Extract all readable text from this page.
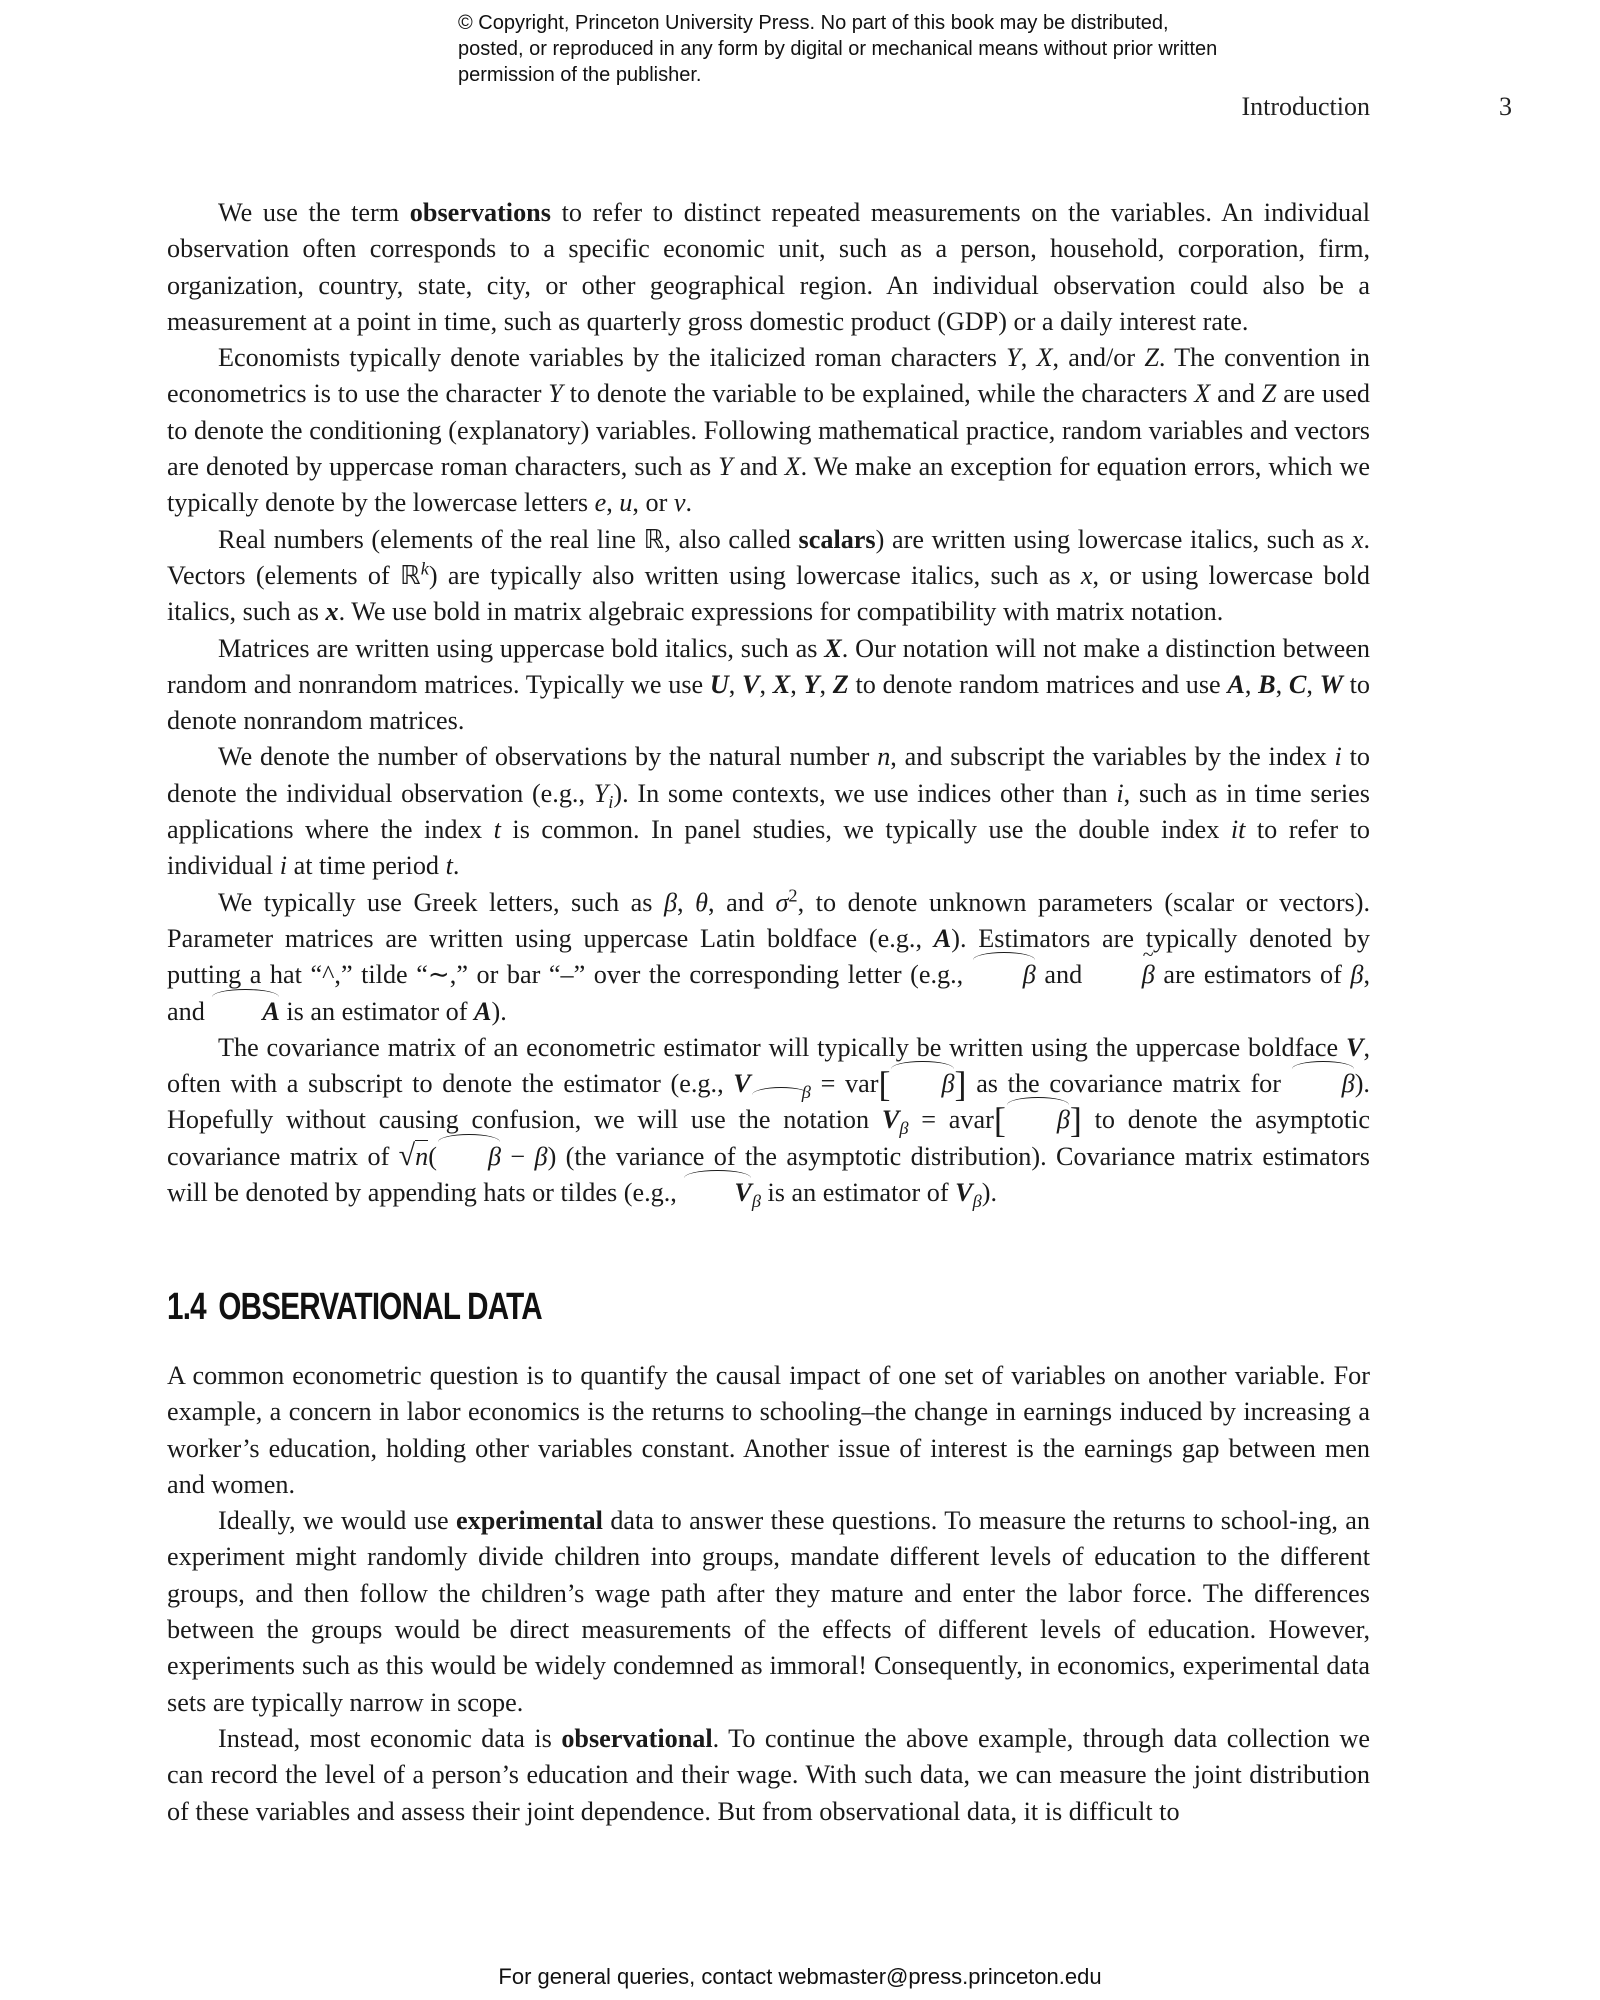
© Copyright, Princeton University Press. No part of this book may be distributed, posted, or reproduced in any form by digital or mechanical means without prior written permission of the publisher.
Introduction	3

We use the term observations to refer to distinct repeated measurements on the variables. An individual observation often corresponds to a specific economic unit, such as a person, household, corporation, firm, organization, country, state, city, or other geographical region. An individual observation could also be a measurement at a point in time, such as quarterly gross domestic product (GDP) or a daily interest rate.

Economists typically denote variables by the italicized roman characters Y, X, and/or Z. The convention in econometrics is to use the character Y to denote the variable to be explained, while the characters X and Z are used to denote the conditioning (explanatory) variables. Following mathematical practice, random variables and vectors are denoted by uppercase roman characters, such as Y and X. We make an exception for equation errors, which we typically denote by the lowercase letters e, u, or v.

Real numbers (elements of the real line ℝ, also called scalars) are written using lowercase italics, such as x. Vectors (elements of ℝ$^k$) are typically also written using lowercase italics, such as x, or using lowercase bold italics, such as x. We use bold in matrix algebraic expressions for compatibility with matrix notation.

Matrices are written using uppercase bold italics, such as X. Our notation will not make a distinction between random and nonrandom matrices. Typically we use U, V, X, Y, Z to denote random matrices and use A, B, C, W to denote nonrandom matrices.

We denote the number of observations by the natural number n, and subscript the variables by the index i to denote the individual observation (e.g., $Y_i$). In some contexts, we use indices other than i, such as in time series applications where the index t is common. In panel studies, we typically use the double index it to refer to individual i at time period t.

We typically use Greek letters, such as β, θ, and $\sigma^2$, to denote unknown parameters (scalar or vectors). Parameter matrices are written using uppercase Latin boldface (e.g., A). Estimators are typically denoted by putting a hat “^,” tilde “∼,” or bar “–” over the corresponding letter (e.g., β and ~ β are estimators of β, and A is an estimator of A).

The covariance matrix of an econometric estimator will typically be written using the uppercase boldface V, often with a subscript to denote the estimator (e.g., V	$_\beta$ = var[ β] as the covariance matrix for β). Hopefully without causing confusion, we will use the notation $V_\beta$ = avar[ β] to denote the asymptotic covariance matrix of √n( β − β) (the variance of the asymptotic distribution). Covariance matrix estimators will be denoted by appending hats or tildes (e.g., $V_\beta$ is an estimator of $V_\beta$).

1.4 OBSERVATIONAL DATA

A common econometric question is to quantify the causal impact of one set of variables on another variable. For example, a concern in labor economics is the returns to schooling–the change in earnings induced by increasing a worker’s education, holding other variables constant. Another issue of interest is the earnings gap between men and women.

Ideally, we would use experimental data to answer these questions. To measure the returns to school-ing, an experiment might randomly divide children into groups, mandate different levels of education to the different groups, and then follow the children’s wage path after they mature and enter the labor force. The differences between the groups would be direct measurements of the effects of different levels of education. However, experiments such as this would be widely condemned as immoral! Consequently, in economics, experimental data sets are typically narrow in scope.

Instead, most economic data is observational. To continue the above example, through data collection we can record the level of a person’s education and their wage. With such data, we can measure the joint distribution of these variables and assess their joint dependence. But from observational data, it is difficult to

For general queries, contact webmaster@press.princeton.edu
